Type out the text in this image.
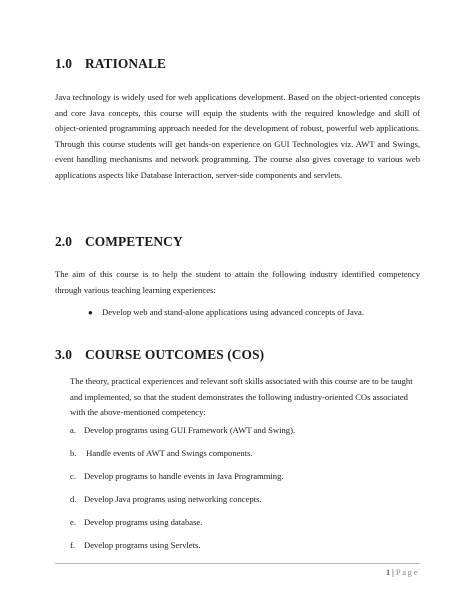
1.0 RATIONALE

Java technology is widely used for web applications development. Based on the object-oriented concepts and core Java concepts, this course will equip the students with the required knowledge and skill of object-oriented programming approach needed for the development of robust, powerful web applications. Through this course students will get hands-on experience on GUI Technologies viz. AWT and Swings, event handling mechanisms and network programming. The course also gives coverage to various web applications aspects like Database Interaction, server-side components and servlets.

2.0 COMPETENCY

The aim of this course is to help the student to attain the following industry identified competency through various teaching learning experiences:

● Develop web and stand-alone applications using advanced concepts of Java.
3.0 COURSE OUTCOMES (COS)

The theory, practical experiences and relevant soft skills associated with this course are to be taught and implemented, so that the student demonstrates the following industry-oriented COs associated with the above-mentioned competency:

a. Develop programs using GUI Framework (AWT and Swing).
b. Handle events of AWT and Swings components.
c. Develop programs to handle events in Java Programming.
d. Develop Java programs using networking concepts.
e. Develop programs using database.
f. Develop programs using Servlets.
1 | Page
